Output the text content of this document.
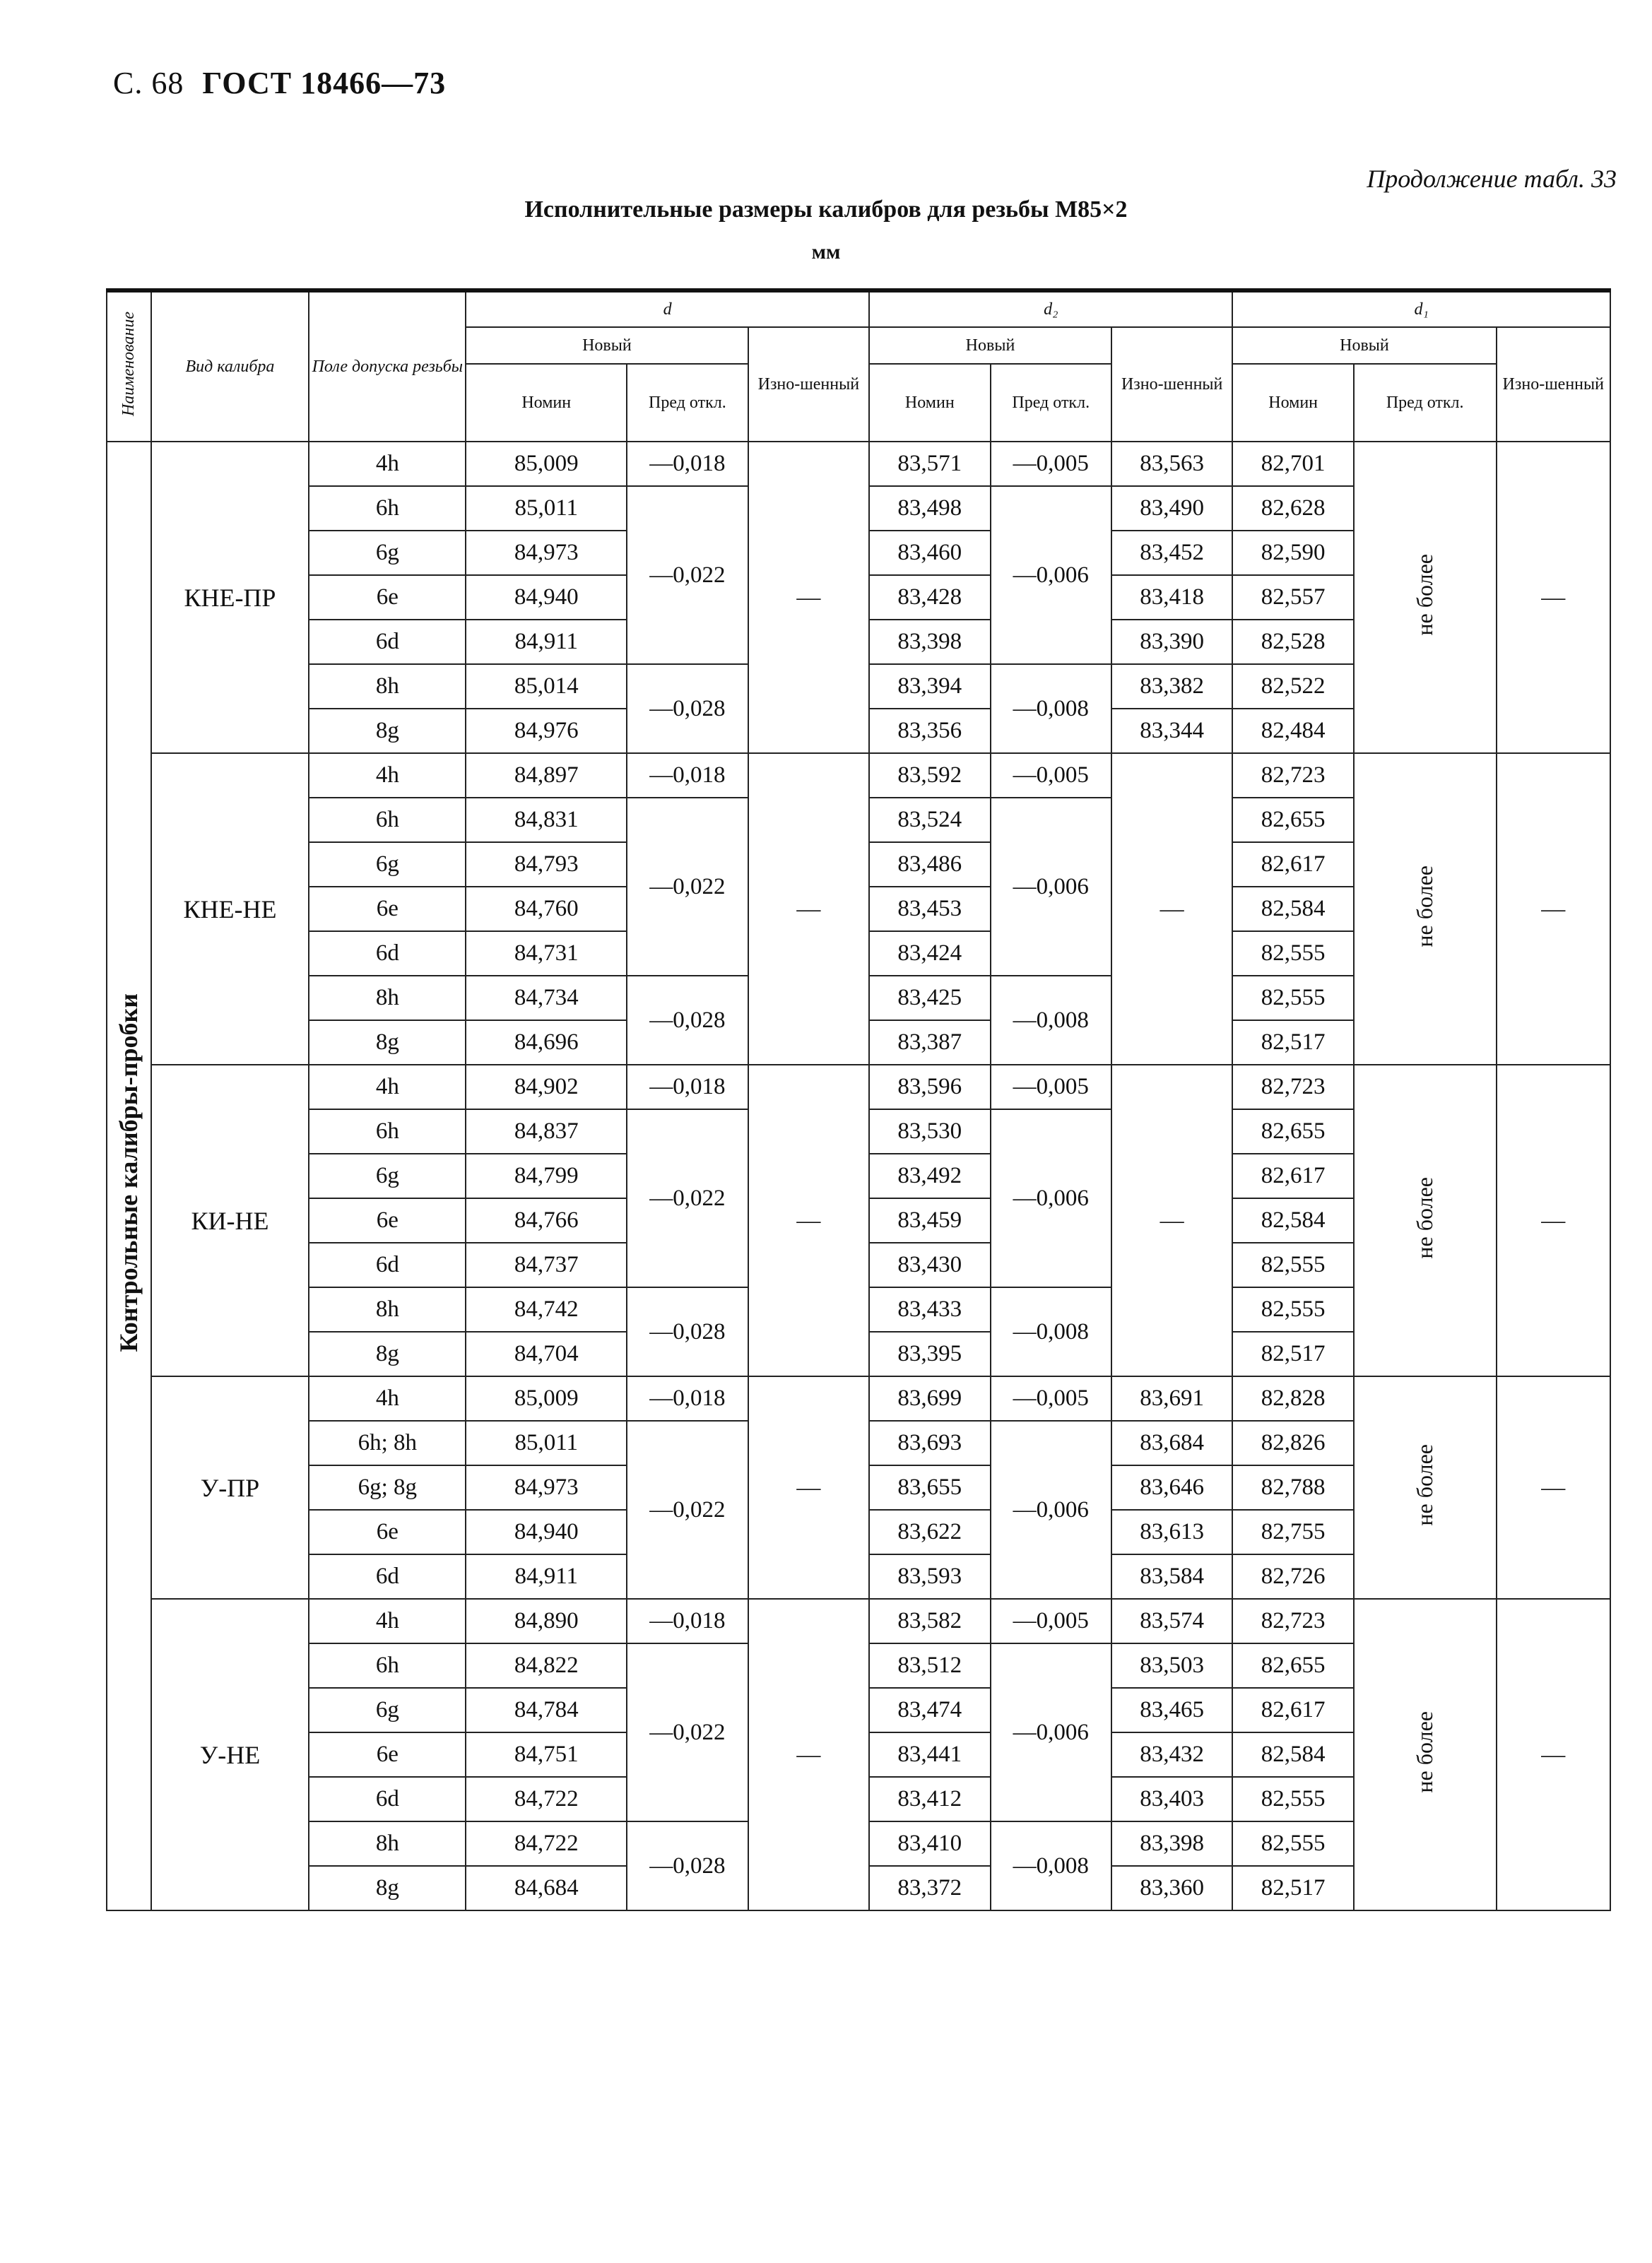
С. 68 ГОСТ 18466—73
Продолжение табл. 33
Исполнительные размеры калибров для резьбы М85×2
мм
Наименование	Вид калибра	Поле допуска резьбы	d			d₂			d₁		
			Новый		Изно-шенный	Новый		Изно-шенный	Новый		Изно-шенный
			Номин	Пред откл.		Номин	Пред откл.		Номин	Пред откл.	
Контрольные калибры-пробки	КНЕ-ПР	4h	85,009	—0,018	—	83,571	—0,005	83,563	82,701	не более	—
		6h	85,011	—0,022		83,498	—0,006	83,490	82,628		
		6g	84,973			83,460		83,452	82,590		
		6e	84,940			83,428		83,418	82,557		
		6d	84,911			83,398		83,390	82,528		
		8h	85,014	—0,028		83,394	—0,008	83,382	82,522		
		8g	84,976			83,356		83,344	82,484		
	КНЕ-НЕ	4h	84,897	—0,018	—	83,592	—0,005	—	82,723	не более	—
		6h	84,831	—0,022		83,524	—0,006		82,655		
		6g	84,793			83,486			82,617		
		6e	84,760			83,453			82,584		
		6d	84,731			83,424			82,555		
		8h	84,734	—0,028		83,425	—0,008		82,555		
		8g	84,696			83,387			82,517		
	КИ-НЕ	4h	84,902	—0,018	—	83,596	—0,005	—	82,723	не более	—
		6h	84,837	—0,022		83,530	—0,006		82,655		
		6g	84,799			83,492			82,617		
		6e	84,766			83,459			82,584		
		6d	84,737			83,430			82,555		
		8h	84,742	—0,028		83,433	—0,008		82,555		
		8g	84,704			83,395			82,517		
	У-ПР	4h	85,009	—0,018	—	83,699	—0,005	83,691	82,828	не более	—
		6h; 8h	85,011	—0,022		83,693	—0,006	83,684	82,826		
		6g; 8g	84,973			83,655		83,646	82,788		
		6e	84,940			83,622		83,613	82,755		
		6d	84,911			83,593		83,584	82,726		
	У-НЕ	4h	84,890	—0,018	—	83,582	—0,005	83,574	82,723	не более	—
		6h	84,822	—0,022		83,512	—0,006	83,503	82,655		
		6g	84,784			83,474		83,465	82,617		
		6e	84,751			83,441		83,432	82,584		
		6d	84,722			83,412		83,403	82,555		
		8h	84,722	—0,028		83,410	—0,008	83,398	82,555		
		8g	84,684			83,372		83,360	82,517		
